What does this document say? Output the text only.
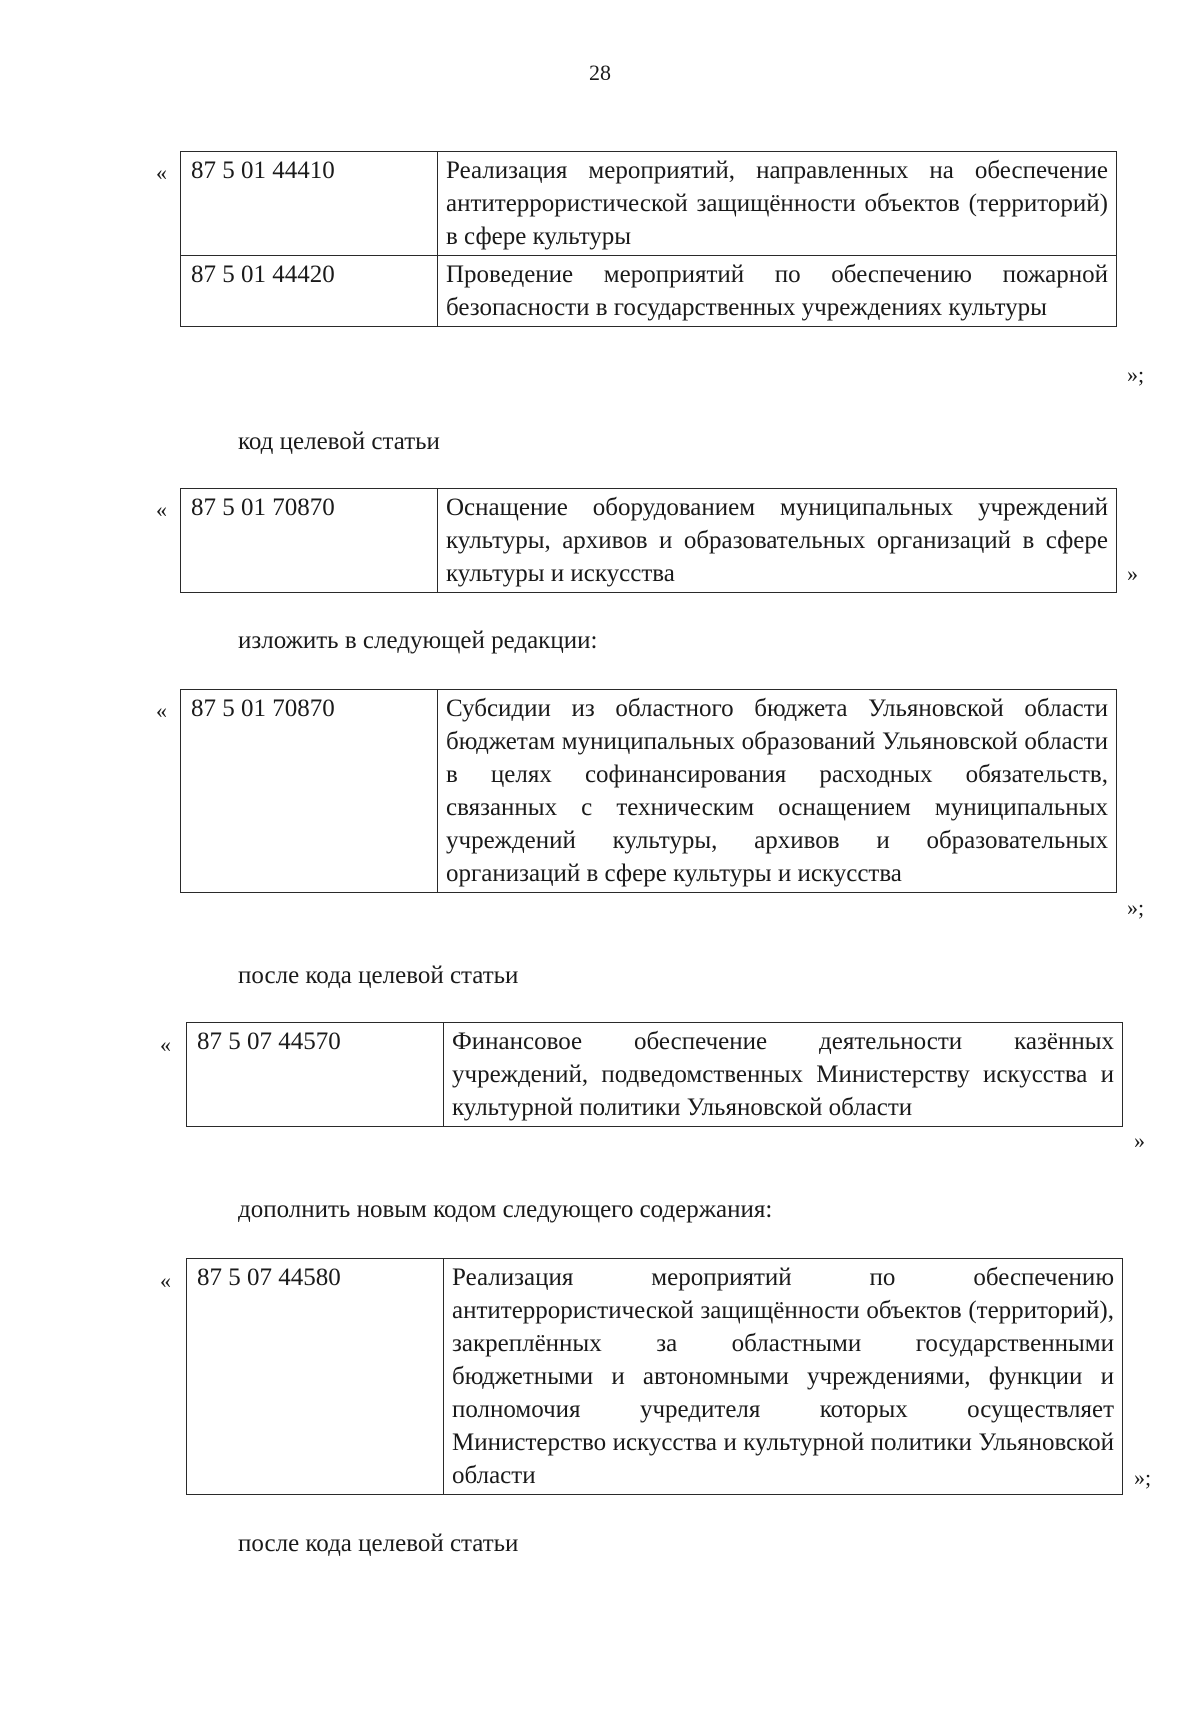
28
« 87 5 01 44410	Реализация мероприятий, направленных на обеспечение антитеррористической защищённости объектов (территорий) в сфере культуры
87 5 01 44420	Проведение мероприятий по обеспечению пожарной безопасности в государственных учреждениях культуры
»;
код целевой статьи
« 87 5 01 70870	Оснащение оборудованием муниципальных учреждений культуры, архивов и образовательных организаций в сфере культуры и искусства	»
изложить в следующей редакции:
« 87 5 01 70870	Субсидии из областного бюджета Ульяновской области бюджетам муниципальных образований Ульяновской области в целях софинансирования расходных обязательств, связанных с техническим оснащением муниципальных учреждений культуры, архивов и образовательных организаций в сфере культуры и искусства
»;
после кода целевой статьи
« 87 5 07 44570	Финансовое обеспечение деятельности казённых учреждений, подведомственных Министерству искусства и культурной политики Ульяновской области
»
дополнить новым кодом следующего содержания:
« 87 5 07 44580	Реализация мероприятий по обеспечению антитеррористической защищённости объектов (территорий), закреплённых за областными государственными бюджетными и автономными учреждениями, функции и полномочия учредителя которых осуществляет Министерство искусства и культурной политики Ульяновской области	»;
после кода целевой статьи
